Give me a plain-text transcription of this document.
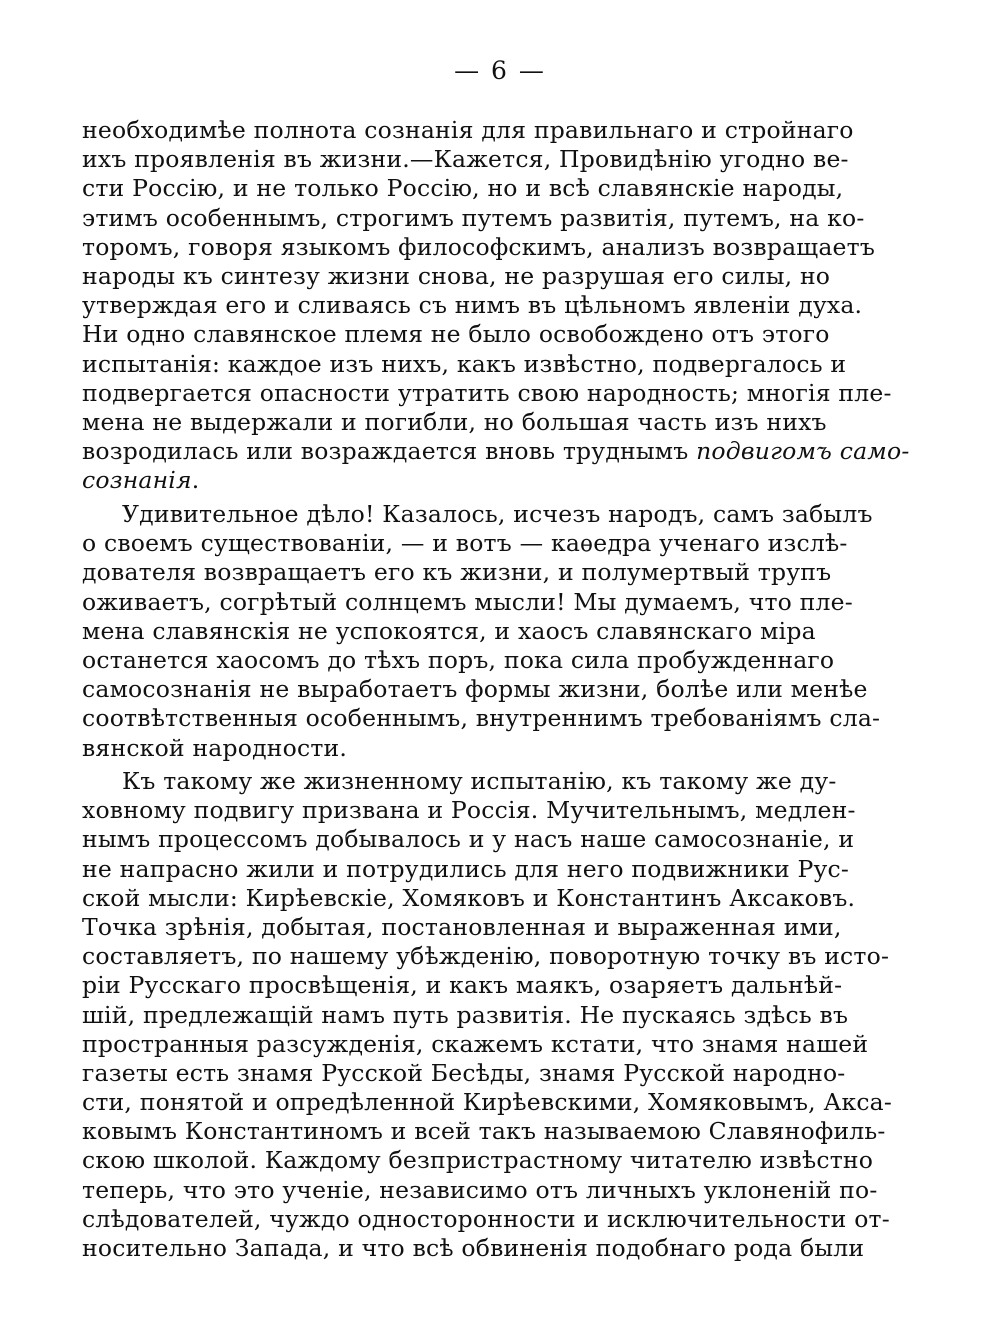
— 6 —
необходимѣе полнота сознанія для правильнаго и стройнаго
ихъ проявленія въ жизни.—Кажется, Провидѣнію угодно ве-
сти Россію, и не только Россію, но и всѣ славянскіе народы,
этимъ особеннымъ, строгимъ путемъ развитія, путемъ, на ко-
торомъ, говоря языкомъ философскимъ, анализъ возвращаетъ
народы къ синтезу жизни снова, не разрушая его силы, но
утверждая его и сливаясь съ нимъ въ цѣльномъ явленіи духа.
Ни одно славянское племя не было освобождено отъ этого
испытанія: каждое изъ нихъ, какъ извѣстно, подвергалось и
подвергается опасности утратить свою народность; многія пле-
мена не выдержали и погибли, но большая часть изъ нихъ
возродилась или возраждается вновь труднымъ подвигомъ само-
сознанія.
Удивительное дѣло! Казалось, исчезъ народъ, самъ забылъ
о своемъ существованіи, — и вотъ — каѳедра ученаго изслѣ-
дователя возвращаетъ его къ жизни, и полумертвый трупъ
оживаетъ, согрѣтый солнцемъ мысли! Мы думаемъ, что пле-
мена славянскія не успокоятся, и хаосъ славянскаго міра
останется хаосомъ до тѣхъ поръ, пока сила пробужденнаго
самосознанія не выработаетъ формы жизни, болѣе или менѣе
соотвѣтственныя особеннымъ, внутреннимъ требованіямъ сла-
вянской народности.
Къ такому же жизненному испытанію, къ такому же ду-
ховному подвигу призвана и Россія. Мучительнымъ, медлен-
нымъ процессомъ добывалось и у насъ наше самосознаніе, и
не напрасно жили и потрудились для него подвижники Рус-
ской мысли: Кирѣевскіе, Хомяковъ и Константинъ Аксаковъ.
Точка зрѣнія, добытая, постановленная и выраженная ими,
составляетъ, по нашему убѣжденію, поворотную точку въ исто-
ріи Русскаго просвѣщенія, и какъ маякъ, озаряетъ дальнѣй-
шій, предлежащій намъ путь развитія. Не пускаясь здѣсь въ
пространныя разсужденія, скажемъ кстати, что знамя нашей
газеты есть знамя Русской Бесѣды, знамя Русской народно-
сти, понятой и опредѣленной Кирѣевскими, Хомяковымъ, Акса-
ковымъ Константиномъ и всей такъ называемою Славянофиль-
скою школой. Каждому безпристрастному читателю извѣстно
теперь, что это ученіе, независимо отъ личныхъ уклоненій по-
слѣдователей, чуждо односторонности и исключительности от-
носительно Запада, и что всѣ обвиненія подобнаго рода были
